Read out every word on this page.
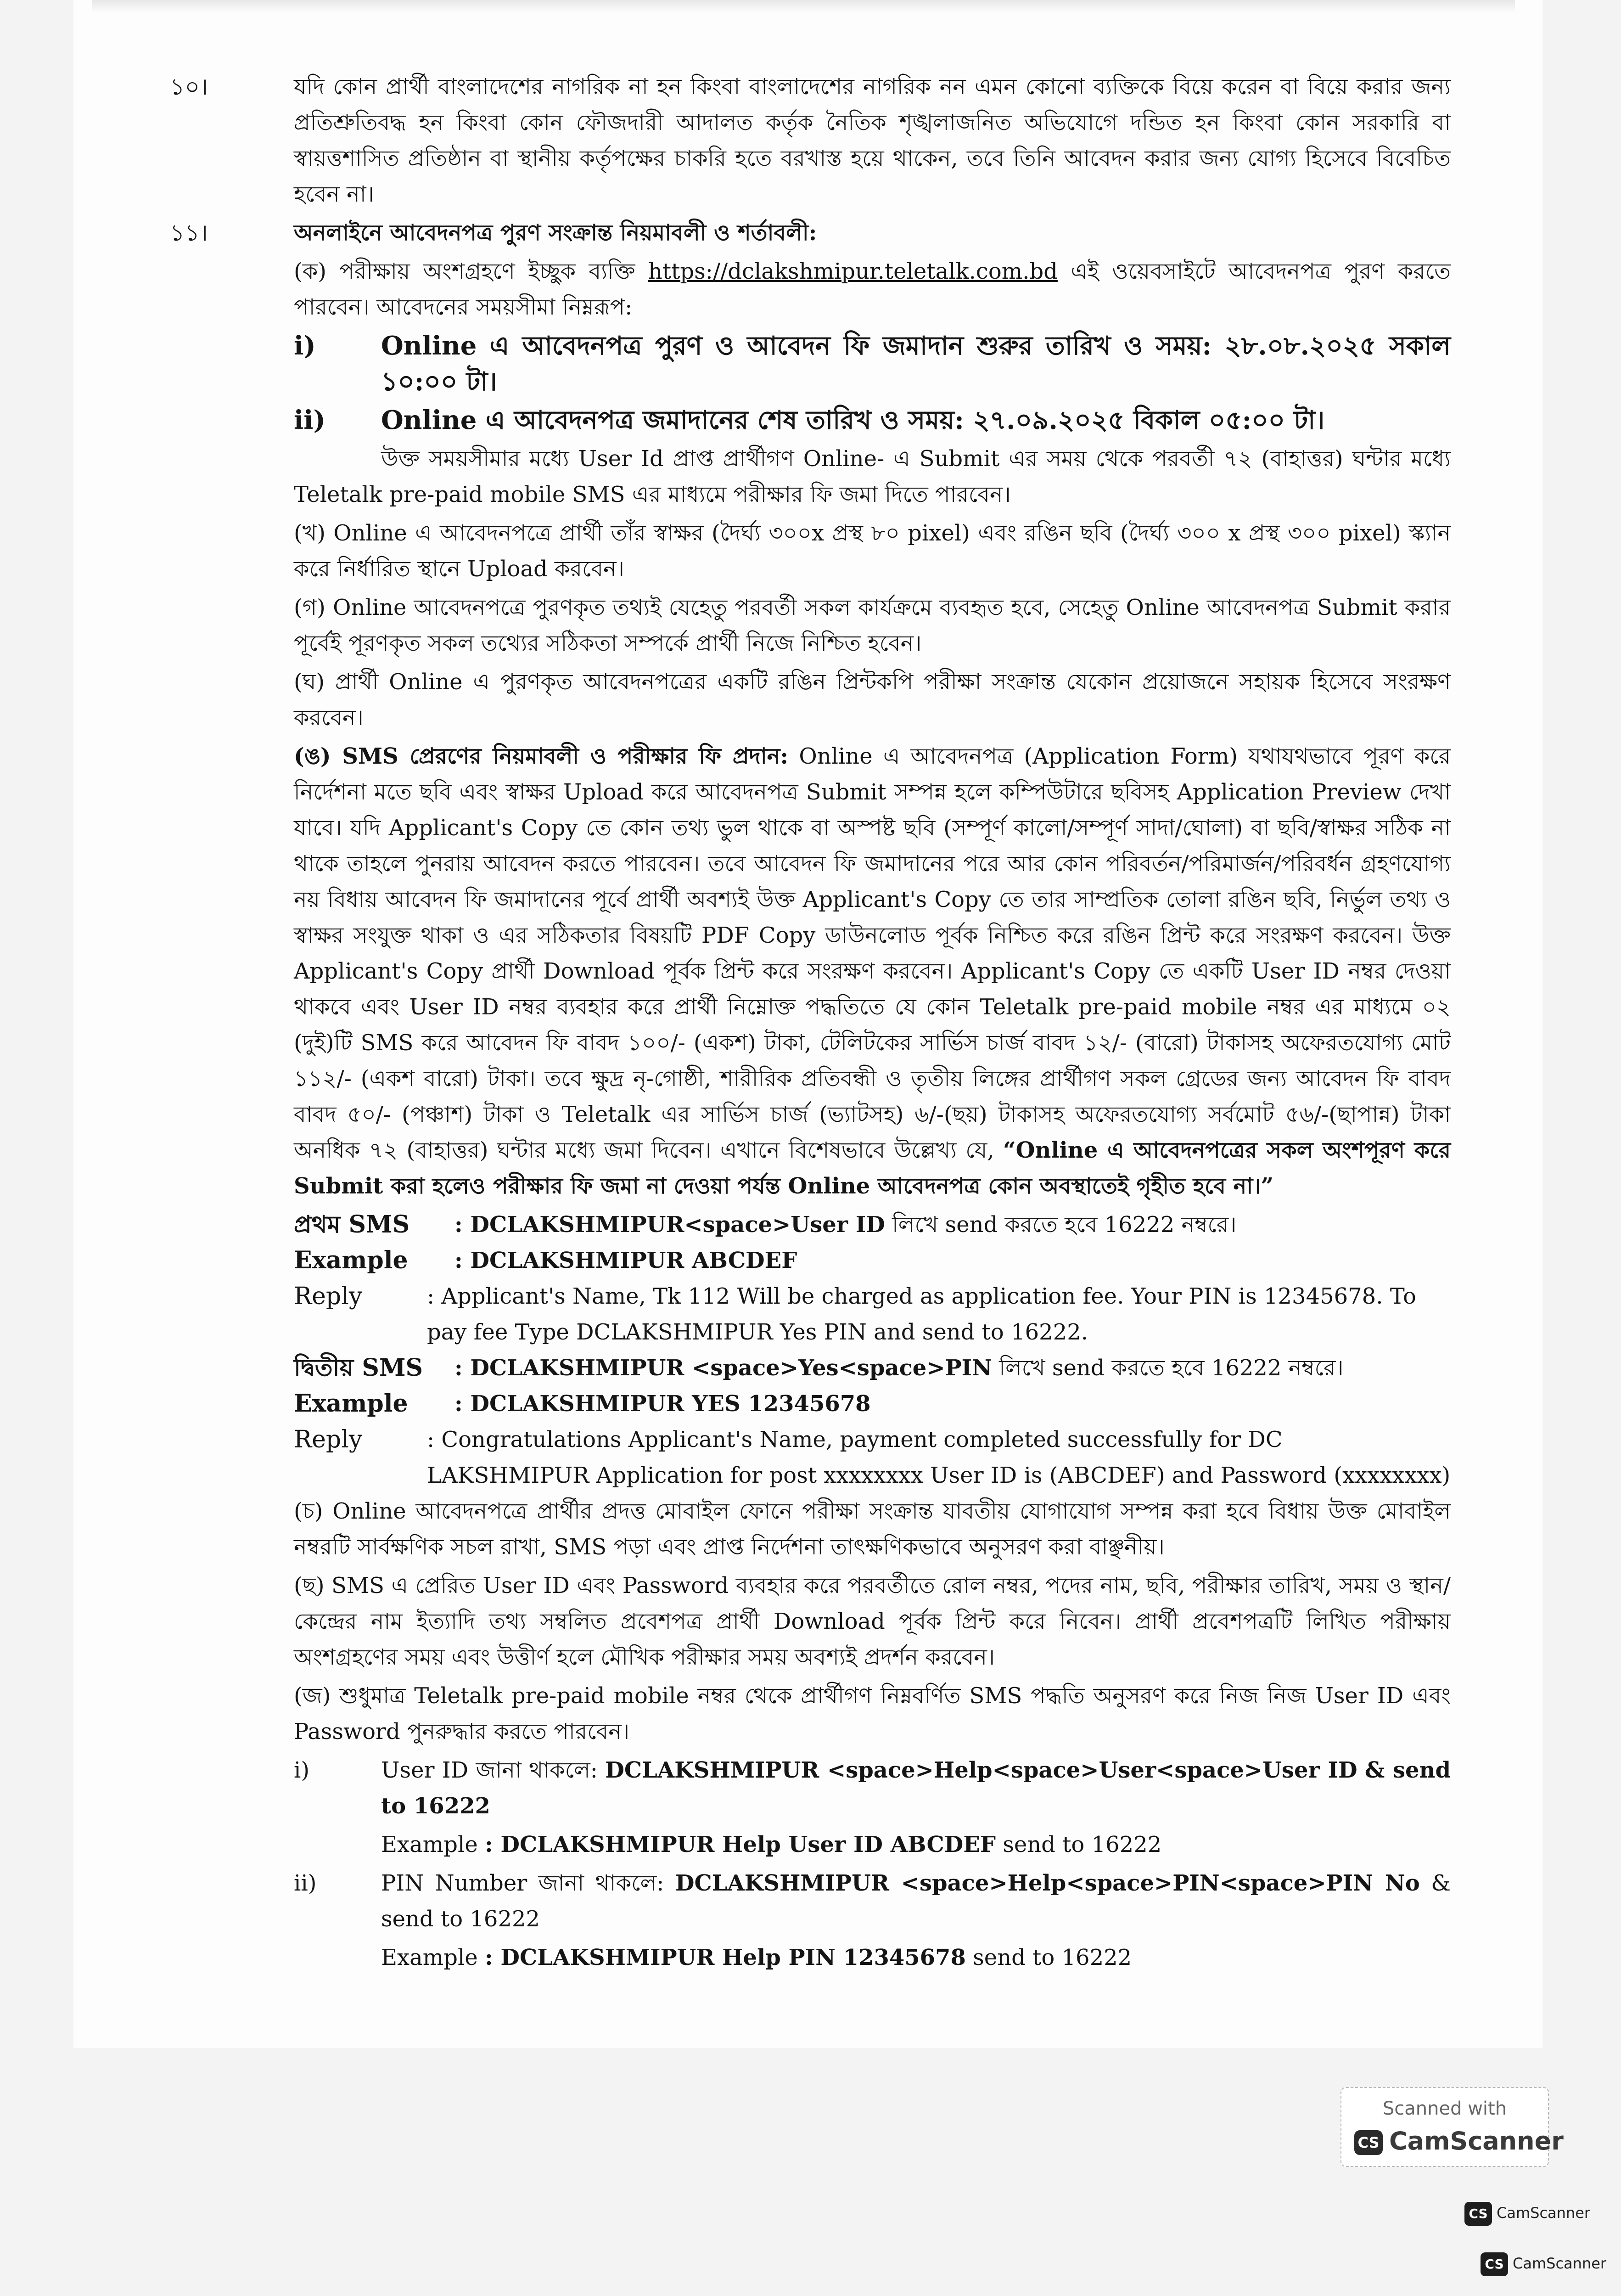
১০।	যদি কোন প্রার্থী বাংলাদেশের নাগরিক না হন কিংবা বাংলাদেশের নাগরিক নন এমন কোনো ব্যক্তিকে বিয়ে করেন বা বিয়ে করার জন্য প্রতিশ্রুতিবদ্ধ হন কিংবা কোন ফৌজদারী আদালত কর্তৃক নৈতিক শৃঙ্খলাজনিত অভিযোগে দন্ডিত হন কিংবা কোন সরকারি বা স্বায়ত্তশাসিত প্রতিষ্ঠান বা স্থানীয় কর্তৃপক্ষের চাকরি হতে বরখাস্ত হয়ে থাকেন, তবে তিনি আবেদন করার জন্য যোগ্য হিসেবে বিবেচিত হবেন না।

১১।	অনলাইনে আবেদনপত্র পুরণ সংক্রান্ত নিয়মাবলী ও শর্তাবলী:

(ক) পরীক্ষায় অংশগ্রহণে ইচ্ছুক ব্যক্তি https://dclakshmipur.teletalk.com.bd এই ওয়েবসাইটে আবেদনপত্র পুরণ করতে পারবেন। আবেদনের সময়সীমা নিম্নরূপ:

i)	Online এ আবেদনপত্র পুরণ ও আবেদন ফি জমাদান শুরুর তারিখ ও সময়: ২৮.০৮.২০২৫ সকাল ১০:০০ টা।

ii) Online এ আবেদনপত্র জমাদানের শেষ তারিখ ও সময়: ২৭.০৯.২০২৫ বিকাল ০৫:০০ টা।

উক্ত সময়সীমার মধ্যে User Id প্রাপ্ত প্রার্থীগণ Online- এ Submit এর সময় থেকে পরবর্তী ৭২ (বাহাত্তর) ঘন্টার মধ্যে Teletalk pre-paid mobile SMS এর মাধ্যমে পরীক্ষার ফি জমা দিতে পারবেন।

(খ) Online এ আবেদনপত্রে প্রার্থী তাঁর স্বাক্ষর (দৈর্ঘ্য ৩০০x প্রস্থ ৮০ pixel) এবং রঙিন ছবি (দৈর্ঘ্য ৩০০ x প্রস্থ ৩০০ pixel) স্ক্যান করে নির্ধারিত স্থানে Upload করবেন।

(গ) Online আবেদনপত্রে পুরণকৃত তথ্যই যেহেতু পরবর্তী সকল কার্যক্রমে ব্যবহৃত হবে, সেহেতু Online আবেদনপত্র Submit করার পূর্বেই পূরণকৃত সকল তথ্যের সঠিকতা সম্পর্কে প্রার্থী নিজে নিশ্চিত হবেন।

(ঘ) প্রার্থী Online এ পুরণকৃত আবেদনপত্রের একটি রঙিন প্রিন্টকপি পরীক্ষা সংক্রান্ত যেকোন প্রয়োজনে সহায়ক হিসেবে সংরক্ষণ করবেন।

(ঙ) SMS প্রেরণের নিয়মাবলী ও পরীক্ষার ফি প্রদান: Online এ আবেদনপত্র (Application Form) যথাযথভাবে পূরণ করে নির্দেশনা মতে ছবি এবং স্বাক্ষর Upload করে আবেদনপত্র Submit সম্পন্ন হলে কম্পিউটারে ছবিসহ Application Preview দেখা যাবে। যদি Applicant's Copy তে কোন তথ্য ভুল থাকে বা অস্পষ্ট ছবি (সম্পূর্ণ কালো/সম্পূর্ণ সাদা/ঘোলা) বা ছবি/স্বাক্ষর সঠিক না থাকে তাহলে পুনরায় আবেদন করতে পারবেন। তবে আবেদন ফি জমাদানের পরে আর কোন পরিবর্তন/পরিমার্জন/পরিবর্ধন গ্রহণযোগ্য নয় বিধায় আবেদন ফি জমাদানের পূর্বে প্রার্থী অবশ্যই উক্ত Applicant's Copy তে তার সাম্প্রতিক তোলা রঙিন ছবি, নির্ভুল তথ্য ও স্বাক্ষর সংযুক্ত থাকা ও এর সঠিকতার বিষয়টি PDF Copy ডাউনলোড পূর্বক নিশ্চিত করে রঙিন প্রিন্ট করে সংরক্ষণ করবেন। উক্ত Applicant's Copy প্রার্থী Download পূর্বক প্রিন্ট করে সংরক্ষণ করবেন। Applicant's Copy তে একটি User ID নম্বর দেওয়া থাকবে এবং User ID নম্বর ব্যবহার করে প্রার্থী নিম্নোক্ত পদ্ধতিতে যে কোন Teletalk pre-paid mobile নম্বর এর মাধ্যমে ০২ (দুই)টি SMS করে আবেদন ফি বাবদ ১০০/- (একশ) টাকা, টেলিটকের সার্ভিস চার্জ বাবদ ১২/- (বারো) টাকাসহ অফেরতযোগ্য মোট ১১২/- (একশ বারো) টাকা। তবে ক্ষুদ্র নৃ-গোষ্ঠী, শারীরিক প্রতিবন্ধী ও তৃতীয় লিঙ্গের প্রার্থীগণ সকল গ্রেডের জন্য আবেদন ফি বাবদ বাবদ ৫০/- (পঞ্চাশ) টাকা ও Teletalk এর সার্ভিস চার্জ (ভ্যাটসহ) ৬/-(ছয়) টাকাসহ অফেরতযোগ্য সর্বমোট ৫৬/-(ছাপান্ন) টাকা অনধিক ৭২ (বাহাত্তর) ঘন্টার মধ্যে জমা দিবেন। এখানে বিশেষভাবে উল্লেখ্য যে, “Online এ আবেদনপত্রের সকল অংশপূরণ করে Submit করা হলেও পরীক্ষার ফি জমা না দেওয়া পর্যন্ত Online আবেদনপত্র কোন অবস্থাতেই গৃহীত হবে না।”

প্রথম SMS : DCLAKSHMIPUR<space>User ID লিখে send করতে হবে 16222 নম্বরে।

Example : DCLAKSHMIPUR ABCDEF

Reply	: Applicant's Name, Tk 112 Will be charged as application fee. Your PIN is 12345678. To pay fee Type DCLAKSHMIPUR Yes PIN and send to 16222.

দ্বিতীয় SMS : DCLAKSHMIPUR <space>Yes<space>PIN লিখে send করতে হবে 16222 নম্বরে।

Example : DCLAKSHMIPUR YES 12345678

Reply	: Congratulations Applicant's Name, payment completed successfully for DC LAKSHMIPUR Application for post xxxxxxxx User ID is (ABCDEF) and Password (xxxxxxxx)

(চ) Online আবেদনপত্রে প্রার্থীর প্রদত্ত মোবাইল ফোনে পরীক্ষা সংক্রান্ত যাবতীয় যোগাযোগ সম্পন্ন করা হবে বিধায় উক্ত মোবাইল নম্বরটি সার্বক্ষণিক সচল রাখা, SMS পড়া এবং প্রাপ্ত নির্দেশনা তাৎক্ষণিকভাবে অনুসরণ করা বাঞ্ছনীয়।

(ছ) SMS এ প্রেরিত User ID এবং Password ব্যবহার করে পরবর্তীতে রোল নম্বর, পদের নাম, ছবি, পরীক্ষার তারিখ, সময় ও স্থান/কেন্দ্রের নাম ইত্যাদি তথ্য সম্বলিত প্রবেশপত্র প্রার্থী Download পূর্বক প্রিন্ট করে নিবেন। প্রার্থী প্রবেশপত্রটি লিখিত পরীক্ষায় অংশগ্রহণের সময় এবং উত্তীর্ণ হলে মৌখিক পরীক্ষার সময় অবশ্যই প্রদর্শন করবেন।

(জ) শুধুমাত্র Teletalk pre-paid mobile নম্বর থেকে প্রার্থীগণ নিম্নবর্ণিত SMS পদ্ধতি অনুসরণ করে নিজ নিজ User ID এবং Password পুনরুদ্ধার করতে পারবেন।

i)	User ID জানা থাকলে: DCLAKSHMIPUR <space>Help<space>User<space>User ID & send to 16222

Example : DCLAKSHMIPUR Help User ID ABCDEF send to 16222

ii)	PIN Number জানা থাকলে: DCLAKSHMIPUR <space>Help<space>PIN<space>PIN No & send to 16222

Example : DCLAKSHMIPUR Help PIN 12345678 send to 16222

Scanned with
CS CamScanner
CS CamScanner
CS CamScanner
